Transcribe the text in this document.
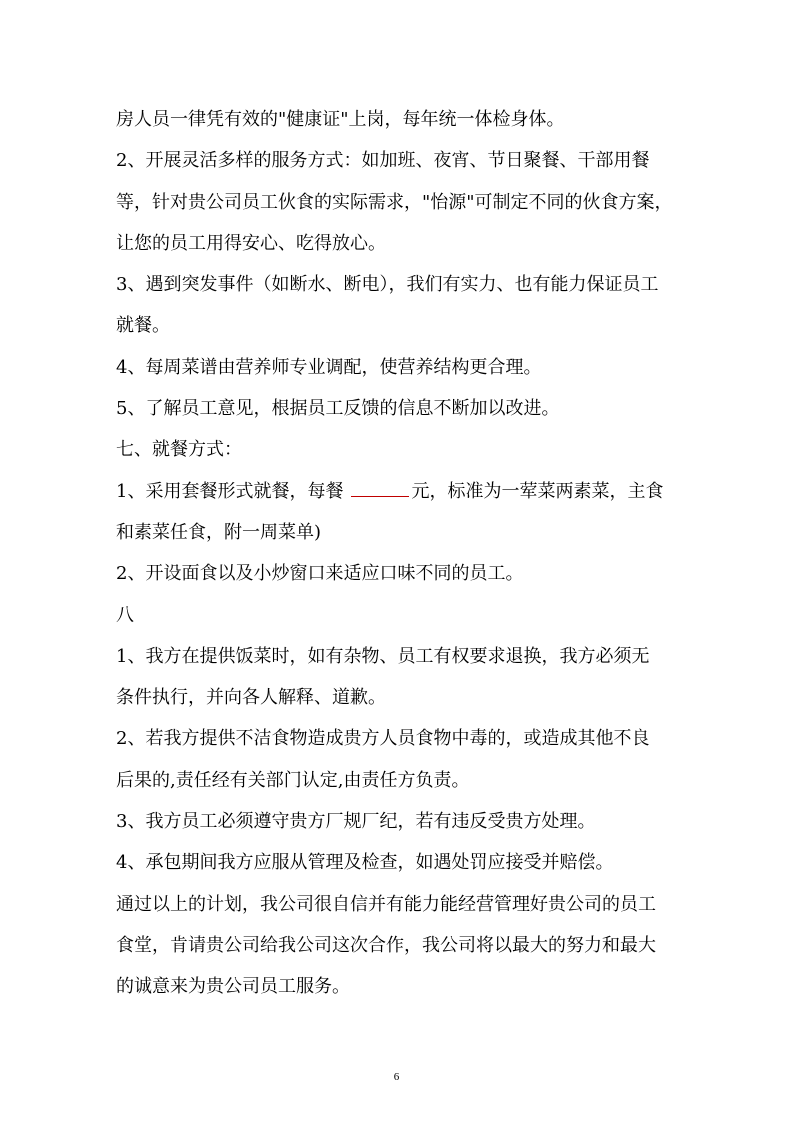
房人员一律凭有效的"健康证"上岗，每年统一体检身体。
2、开展灵活多样的服务方式：如加班、夜宵、节日聚餐、干部用餐
等，针对贵公司员工伙食的实际需求，"怡源"可制定不同的伙食方案，
让您的员工用得安心、吃得放心。
3、遇到突发事件（如断水、断电），我们有实力、也有能力保证员工
就餐。
4、每周菜谱由营养师专业调配，使营养结构更合理。
5、了解员工意见，根据员工反馈的信息不断加以改进。
七、就餐方式：
1、采用套餐形式就餐，每餐	元，标准为一荤菜两素菜，主食
和素菜任食，附一周菜单)
2、开设面食以及小炒窗口来适应口味不同的员工。
八
1、我方在提供饭菜时，如有杂物、员工有权要求退换，我方必须无
条件执行，并向各人解释、道歉。
2、若我方提供不洁食物造成贵方人员食物中毒的，或造成其他不良
后果的,责任经有关部门认定,由责任方负责。
3、我方员工必须遵守贵方厂规厂纪，若有违反受贵方处理。
4、承包期间我方应服从管理及检查，如遇处罚应接受并赔偿。
通过以上的计划，我公司很自信并有能力能经营管理好贵公司的员工
食堂，肯请贵公司给我公司这次合作，我公司将以最大的努力和最大
的诚意来为贵公司员工服务。
6
